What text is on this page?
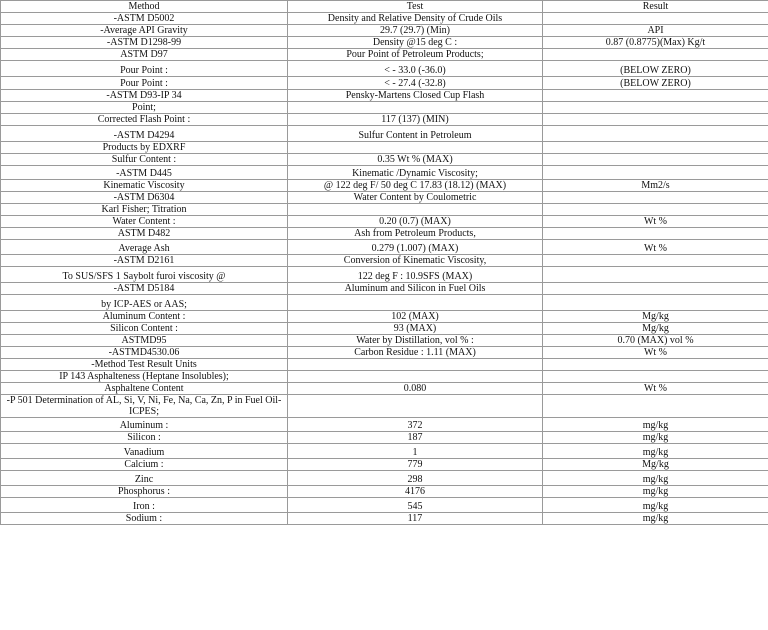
Method	Test	Result
-ASTM D5002	Density and Relative Density of Crude Oils	
-Average API Gravity	29.7 (29.7) (Min)	API
-ASTM D1298-99	Density @15 deg C :	0.87 (0.8775)(Max) Kg/t
ASTM D97	Pour Point of Petroleum Products;	
Pour Point :	< - 33.0 (-36.0)	(BELOW ZERO)
Pour Point :	< - 27.4 (-32.8)	(BELOW ZERO)
-ASTM D93-IP 34	Pensky-Martens Closed Cup Flash	
Point;		
Corrected Flash Point :	117 (137) (MIN)	
-ASTM D4294	Sulfur Content in Petroleum	
Products by EDXRF		
Sulfur Content :	0.35 Wt % (MAX)	
-ASTM D445	Kinematic /Dynamic Viscosity;	
Kinematic Viscosity	@ 122 deg F/ 50 deg C 17.83 (18.12) (MAX)	Mm2/s
-ASTM D6304	Water Content by Coulometric	
Karl Fisher; Titration		
Water Content :	0.20 (0.7) (MAX)	Wt %
ASTM D482	Ash from Petroleum Products,	
Average Ash	0.279 (1.007) (MAX)	Wt %
-ASTM D2161	Conversion of Kinematic Viscosity,	
To SUS/SFS 1 Saybolt furoi viscosity @	122 deg F : 10.9SFS (MAX)	
-ASTM D5184	Aluminum and Silicon in Fuel Oils	
by ICP-AES or AAS;		
Aluminum Content :	102 (MAX)	Mg/kg
Silicon Content :	93 (MAX)	Mg/kg
ASTMD95	Water by Distillation, vol % :	0.70 (MAX) vol %
-ASTMD4530.06	Carbon Residue : 1.11 (MAX)	Wt %
-Method Test Result Units		
IP 143 Asphalteness (Heptane Insolubles);		
Asphaltene Content	0.080	Wt %
-P 501 Determination of AL, Si, V, Ni, Fe, Na, Ca, Zn, P in Fuel Oil-ICPES;		
Aluminum :	372	mg/kg
Silicon :	187	mg/kg
Vanadium	1	mg/kg
Calcium :	779	Mg/kg
Zinc	298	mg/kg
Phosphorus :	4176	mg/kg
Iron :	545	mg/kg
Sodium :	117	mg/kg
